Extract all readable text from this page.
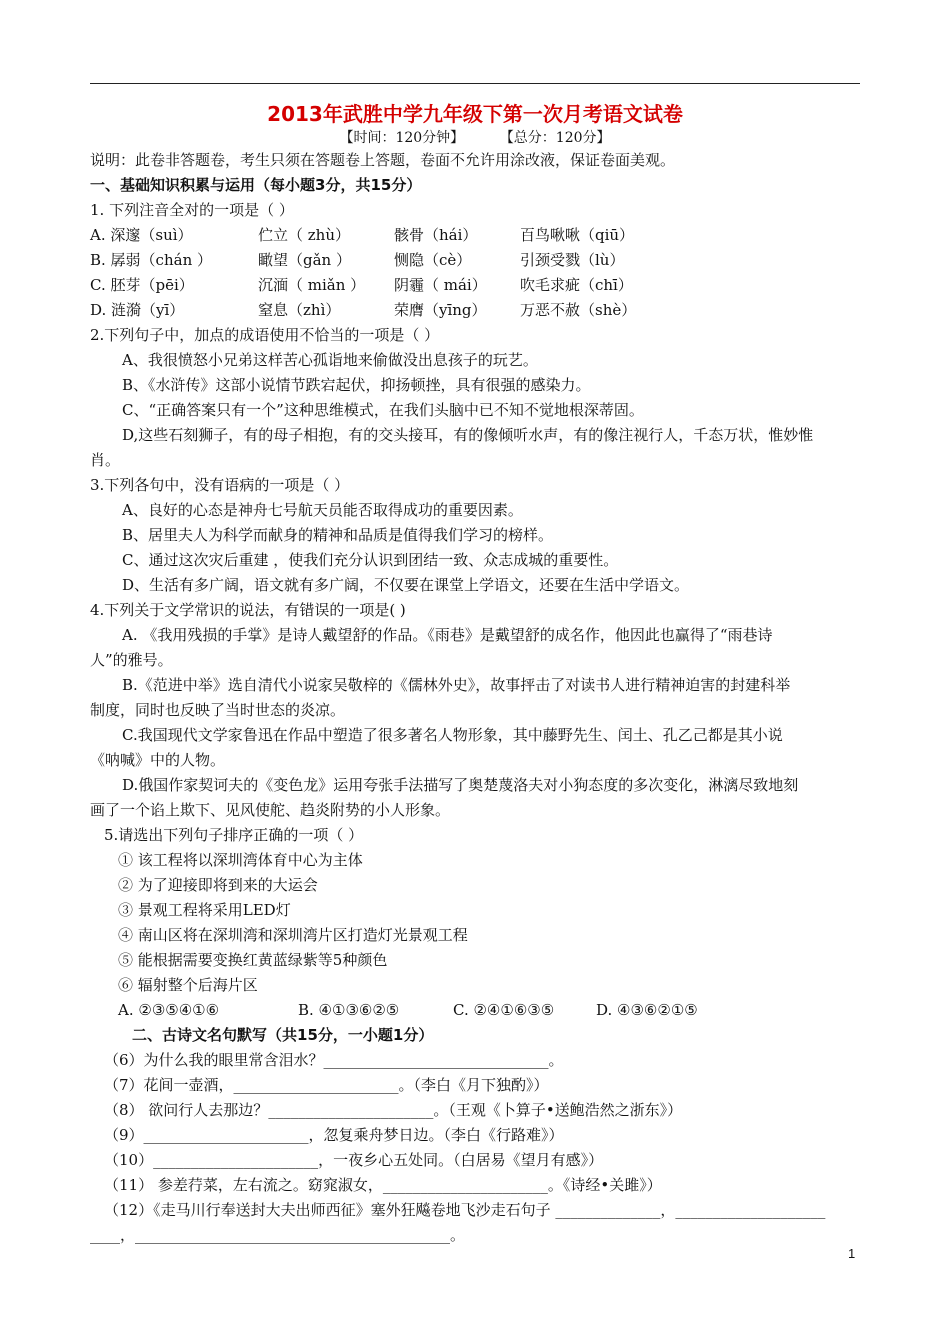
2013年武胜中学九年级下第一次月考语文试卷
【时间：120分钟】	【总分：120分】
说明：此卷非答题卷，考生只须在答题卷上答题，卷面不允许用涂改液，保证卷面美观。
一、基础知识积累与运用（每小题3分，共15分）
1. 下列注音全对的一项是（ ）
A. 深邃（suì）	伫立（ zhù）	骸骨（hái）	百鸟啾啾（qiū）
B. 孱弱（chán ）	瞰望（gǎn ）	恻隐（cè）	引颈受戮（lù）
C. 胚芽（pēi）	沉湎（ miǎn ） 阴霾（ mái） 吹毛求疵（chī）
D. 涟漪（yī）	窒息（zhì）	荣膺（yīng） 万恶不赦（shè）
2.下列句子中，加点的成语使用不恰当的一项是（ ）
A、我很愤怒小兄弟这样苦心孤诣地来偷做没出息孩子的玩艺。
B、《水浒传》这部小说情节跌宕起伏，抑扬顿挫，具有很强的感染力。
C、“正确答案只有一个”这种思维模式，在我们头脑中已不知不觉地根深蒂固。
D,这些石刻狮子，有的母子相抱，有的交头接耳，有的像倾听水声，有的像注视行人，千态万状，惟妙惟
肖。
3.下列各句中，没有语病的一项是（ ）
A、良好的心态是神舟七号航天员能否取得成功的重要因素。
B、居里夫人为科学而献身的精神和品质是值得我们学习的榜样。
C、通过这次灾后重建 ，使我们充分认识到团结一致、众志成城的重要性。
D、生活有多广阔，语文就有多广阔，不仅要在课堂上学语文，还要在生活中学语文。
4.下列关于文学常识的说法，有错误的一项是( )
A. 《我用残损的手掌》是诗人戴望舒的作品。《雨巷》是戴望舒的成名作，他因此也赢得了“雨巷诗
人”的雅号。
B.《范进中举》选自清代小说家吴敬梓的《儒林外史》，故事抨击了对读书人进行精神迫害的封建科举
制度，同时也反映了当时世态的炎凉。
C.我国现代文学家鲁迅在作品中塑造了很多著名人物形象，其中藤野先生、闰土、孔乙己都是其小说
《呐喊》中的人物。
D.俄国作家契诃夫的《变色龙》运用夸张手法描写了奥楚蔑洛夫对小狗态度的多次变化，淋漓尽致地刻
画了一个谄上欺下、见风使舵、趋炎附势的小人形象。
5.请选出下列句子排序正确的一项（ ）
① 该工程将以深圳湾体育中心为主体
② 为了迎接即将到来的大运会
③ 景观工程将采用LED灯
④ 南山区将在深圳湾和深圳湾片区打造灯光景观工程
⑤ 能根据需要变换红黄蓝绿紫等5种颜色
⑥ 辐射整个后海片区
A. ②③⑤④①⑥	B. ④①③⑥②⑤	C. ②④①⑥③⑤	D. ④③⑥②①⑤
二、古诗文名句默写（共15分，一小题1分）
（6）为什么我的眼里常含泪水？______________________________。
（7）花间一壶酒，______________________。（李白《月下独酌》）
（8） 欲问行人去那边？______________________。（王观《卜算子•送鲍浩然之浙东》）
（9）______________________，忽复乘舟梦日边。（李白《行路难》）
（10）______________________，一夜乡心五处同。（白居易《望月有感》）
（11） 参差荇菜，左右流之。窈窕淑女，______________________。《诗经•关雎》）
（12）《走马川行奉送封大夫出师西征》塞外狂飚卷地飞沙走石句子 ______________，____________________
____，__________________________________________。
1
